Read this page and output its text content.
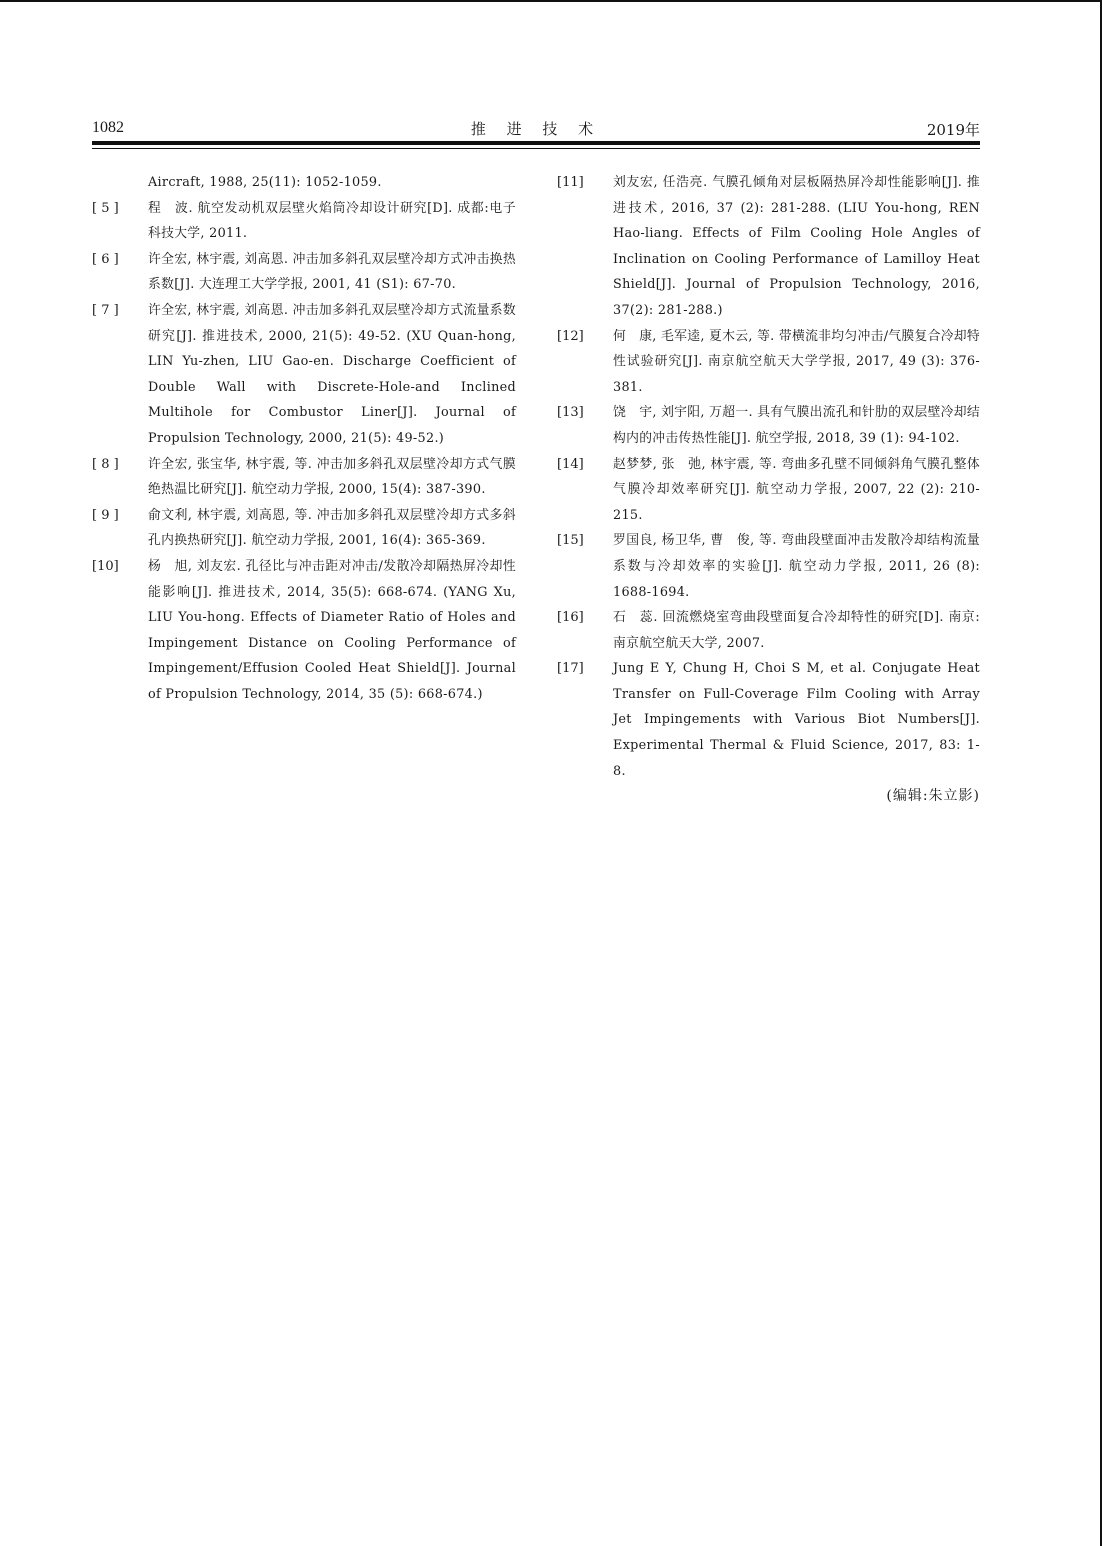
1082	推 进 技 术	2019年
Aircraft, 1988, 25(11): 1052-1059.
[ 5 ]	程　波. 航空发动机双层壁火焰筒冷却设计研究[D]. 成都:电子科技大学, 2011.
[ 6 ]	许全宏, 林宇震, 刘高恩. 冲击加多斜孔双层壁冷却方式冲击换热系数[J]. 大连理工大学学报, 2001, 41 (S1): 67-70.
[ 7 ]	许全宏, 林宇震, 刘高恩. 冲击加多斜孔双层壁冷却方式流量系数研究[J]. 推进技术, 2000, 21(5): 49-52. (XU Quan-hong, LIN Yu-zhen, LIU Gao-en. Discharge Coefficient of Double Wall with Discrete-Hole-and Inclined Multihole for Combustor Liner[J]. Journal of Propulsion Technology, 2000, 21(5): 49-52.)
[ 8 ]	许全宏, 张宝华, 林宇震, 等. 冲击加多斜孔双层壁冷却方式气膜绝热温比研究[J]. 航空动力学报, 2000, 15(4): 387-390.
[ 9 ]	俞文利, 林宇震, 刘高恩, 等. 冲击加多斜孔双层壁冷却方式多斜孔内换热研究[J]. 航空动力学报, 2001, 16(4): 365-369.
[10]	杨　旭, 刘友宏. 孔径比与冲击距对冲击/发散冷却隔热屏冷却性能影响[J]. 推进技术, 2014, 35(5): 668-674. (YANG Xu, LIU You-hong. Effects of Diameter Ratio of Holes and Impingement Distance on Cooling Performance of Impingement/Effusion Cooled Heat Shield[J]. Journal of Propulsion Technology, 2014, 35 (5): 668-674.)
[11]	刘友宏, 任浩亮. 气膜孔倾角对层板隔热屏冷却性能影响[J]. 推进技术, 2016, 37 (2): 281-288. (LIU You-hong, REN Hao-liang. Effects of Film Cooling Hole Angles of Inclination on Cooling Performance of Lamilloy Heat Shield[J]. Journal of Propulsion Technology, 2016, 37(2): 281-288.)
[12]	何　康, 毛军逵, 夏木云, 等. 带横流非均匀冲击/气膜复合冷却特性试验研究[J]. 南京航空航天大学学报, 2017, 49 (3): 376-381.
[13]	饶　宇, 刘宇阳, 万超一. 具有气膜出流孔和针肋的双层壁冷却结构内的冲击传热性能[J]. 航空学报, 2018, 39 (1): 94-102.
[14]	赵梦梦, 张　弛, 林宇震, 等. 弯曲多孔壁不同倾斜角气膜孔整体气膜冷却效率研究[J]. 航空动力学报, 2007, 22 (2): 210-215.
[15]	罗国良, 杨卫华, 曹　俊, 等. 弯曲段壁面冲击发散冷却结构流量系数与冷却效率的实验[J]. 航空动力学报, 2011, 26 (8): 1688-1694.
[16]	石　蕊. 回流燃烧室弯曲段壁面复合冷却特性的研究[D]. 南京:南京航空航天大学, 2007.
[17]	Jung E Y, Chung H, Choi S M, et al. Conjugate Heat Transfer on Full-Coverage Film Cooling with Array Jet Impingements with Various Biot Numbers[J]. Experimental Thermal & Fluid Science, 2017, 83: 1-8.
(编辑:朱立影)
